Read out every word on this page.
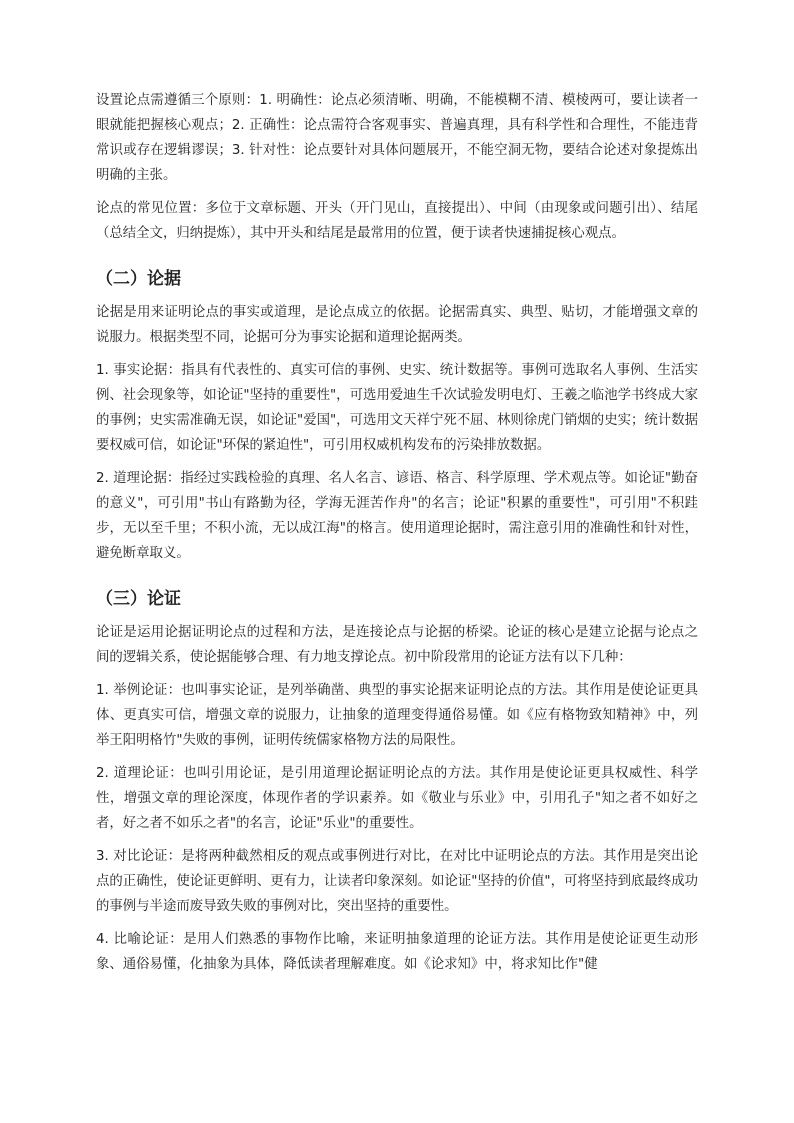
设置论点需遵循三个原则：1. 明确性：论点必须清晰、明确，不能模糊不清、模棱两可，要让读者一眼就能把握核心观点；2. 正确性：论点需符合客观事实、普遍真理，具有科学性和合理性，不能违背常识或存在逻辑谬误；3. 针对性：论点要针对具体问题展开，不能空洞无物，要结合论述对象提炼出明确的主张。

论点的常见位置：多位于文章标题、开头（开门见山，直接提出）、中间（由现象或问题引出）、结尾（总结全文，归纳提炼），其中开头和结尾是最常用的位置，便于读者快速捕捉核心观点。

（二）论据

论据是用来证明论点的事实或道理，是论点成立的依据。论据需真实、典型、贴切，才能增强文章的说服力。根据类型不同，论据可分为事实论据和道理论据两类。

1. 事实论据：指具有代表性的、真实可信的事例、史实、统计数据等。事例可选取名人事例、生活实例、社会现象等，如论证"坚持的重要性"，可选用爱迪生千次试验发明电灯、王羲之临池学书终成大家的事例；史实需准确无误，如论证"爱国"，可选用文天祥宁死不屈、林则徐虎门销烟的史实；统计数据要权威可信，如论证"环保的紧迫性"，可引用权威机构发布的污染排放数据。

2. 道理论据：指经过实践检验的真理、名人名言、谚语、格言、科学原理、学术观点等。如论证"勤奋的意义"，可引用"书山有路勤为径，学海无涯苦作舟"的名言；论证"积累的重要性"，可引用"不积跬步，无以至千里；不积小流，无以成江海"的格言。使用道理论据时，需注意引用的准确性和针对性，避免断章取义。

（三）论证

论证是运用论据证明论点的过程和方法，是连接论点与论据的桥梁。论证的核心是建立论据与论点之间的逻辑关系，使论据能够合理、有力地支撑论点。初中阶段常用的论证方法有以下几种：

1. 举例论证：也叫事实论证，是列举确凿、典型的事实论据来证明论点的方法。其作用是使论证更具体、更真实可信，增强文章的说服力，让抽象的道理变得通俗易懂。如《应有格物致知精神》中，列举王阳明格竹"失败的事例，证明传统儒家格物方法的局限性。

2. 道理论证：也叫引用论证，是引用道理论据证明论点的方法。其作用是使论证更具权威性、科学性，增强文章的理论深度，体现作者的学识素养。如《敬业与乐业》中，引用孔子"知之者不如好之者，好之者不如乐之者"的名言，论证"乐业"的重要性。

3. 对比论证：是将两种截然相反的观点或事例进行对比，在对比中证明论点的方法。其作用是突出论点的正确性，使论证更鲜明、更有力，让读者印象深刻。如论证"坚持的价值"，可将坚持到底最终成功的事例与半途而废导致失败的事例对比，突出坚持的重要性。

4. 比喻论证：是用人们熟悉的事物作比喻，来证明抽象道理的论证方法。其作用是使论证更生动形象、通俗易懂，化抽象为具体，降低读者理解难度。如《论求知》中，将求知比作"健
